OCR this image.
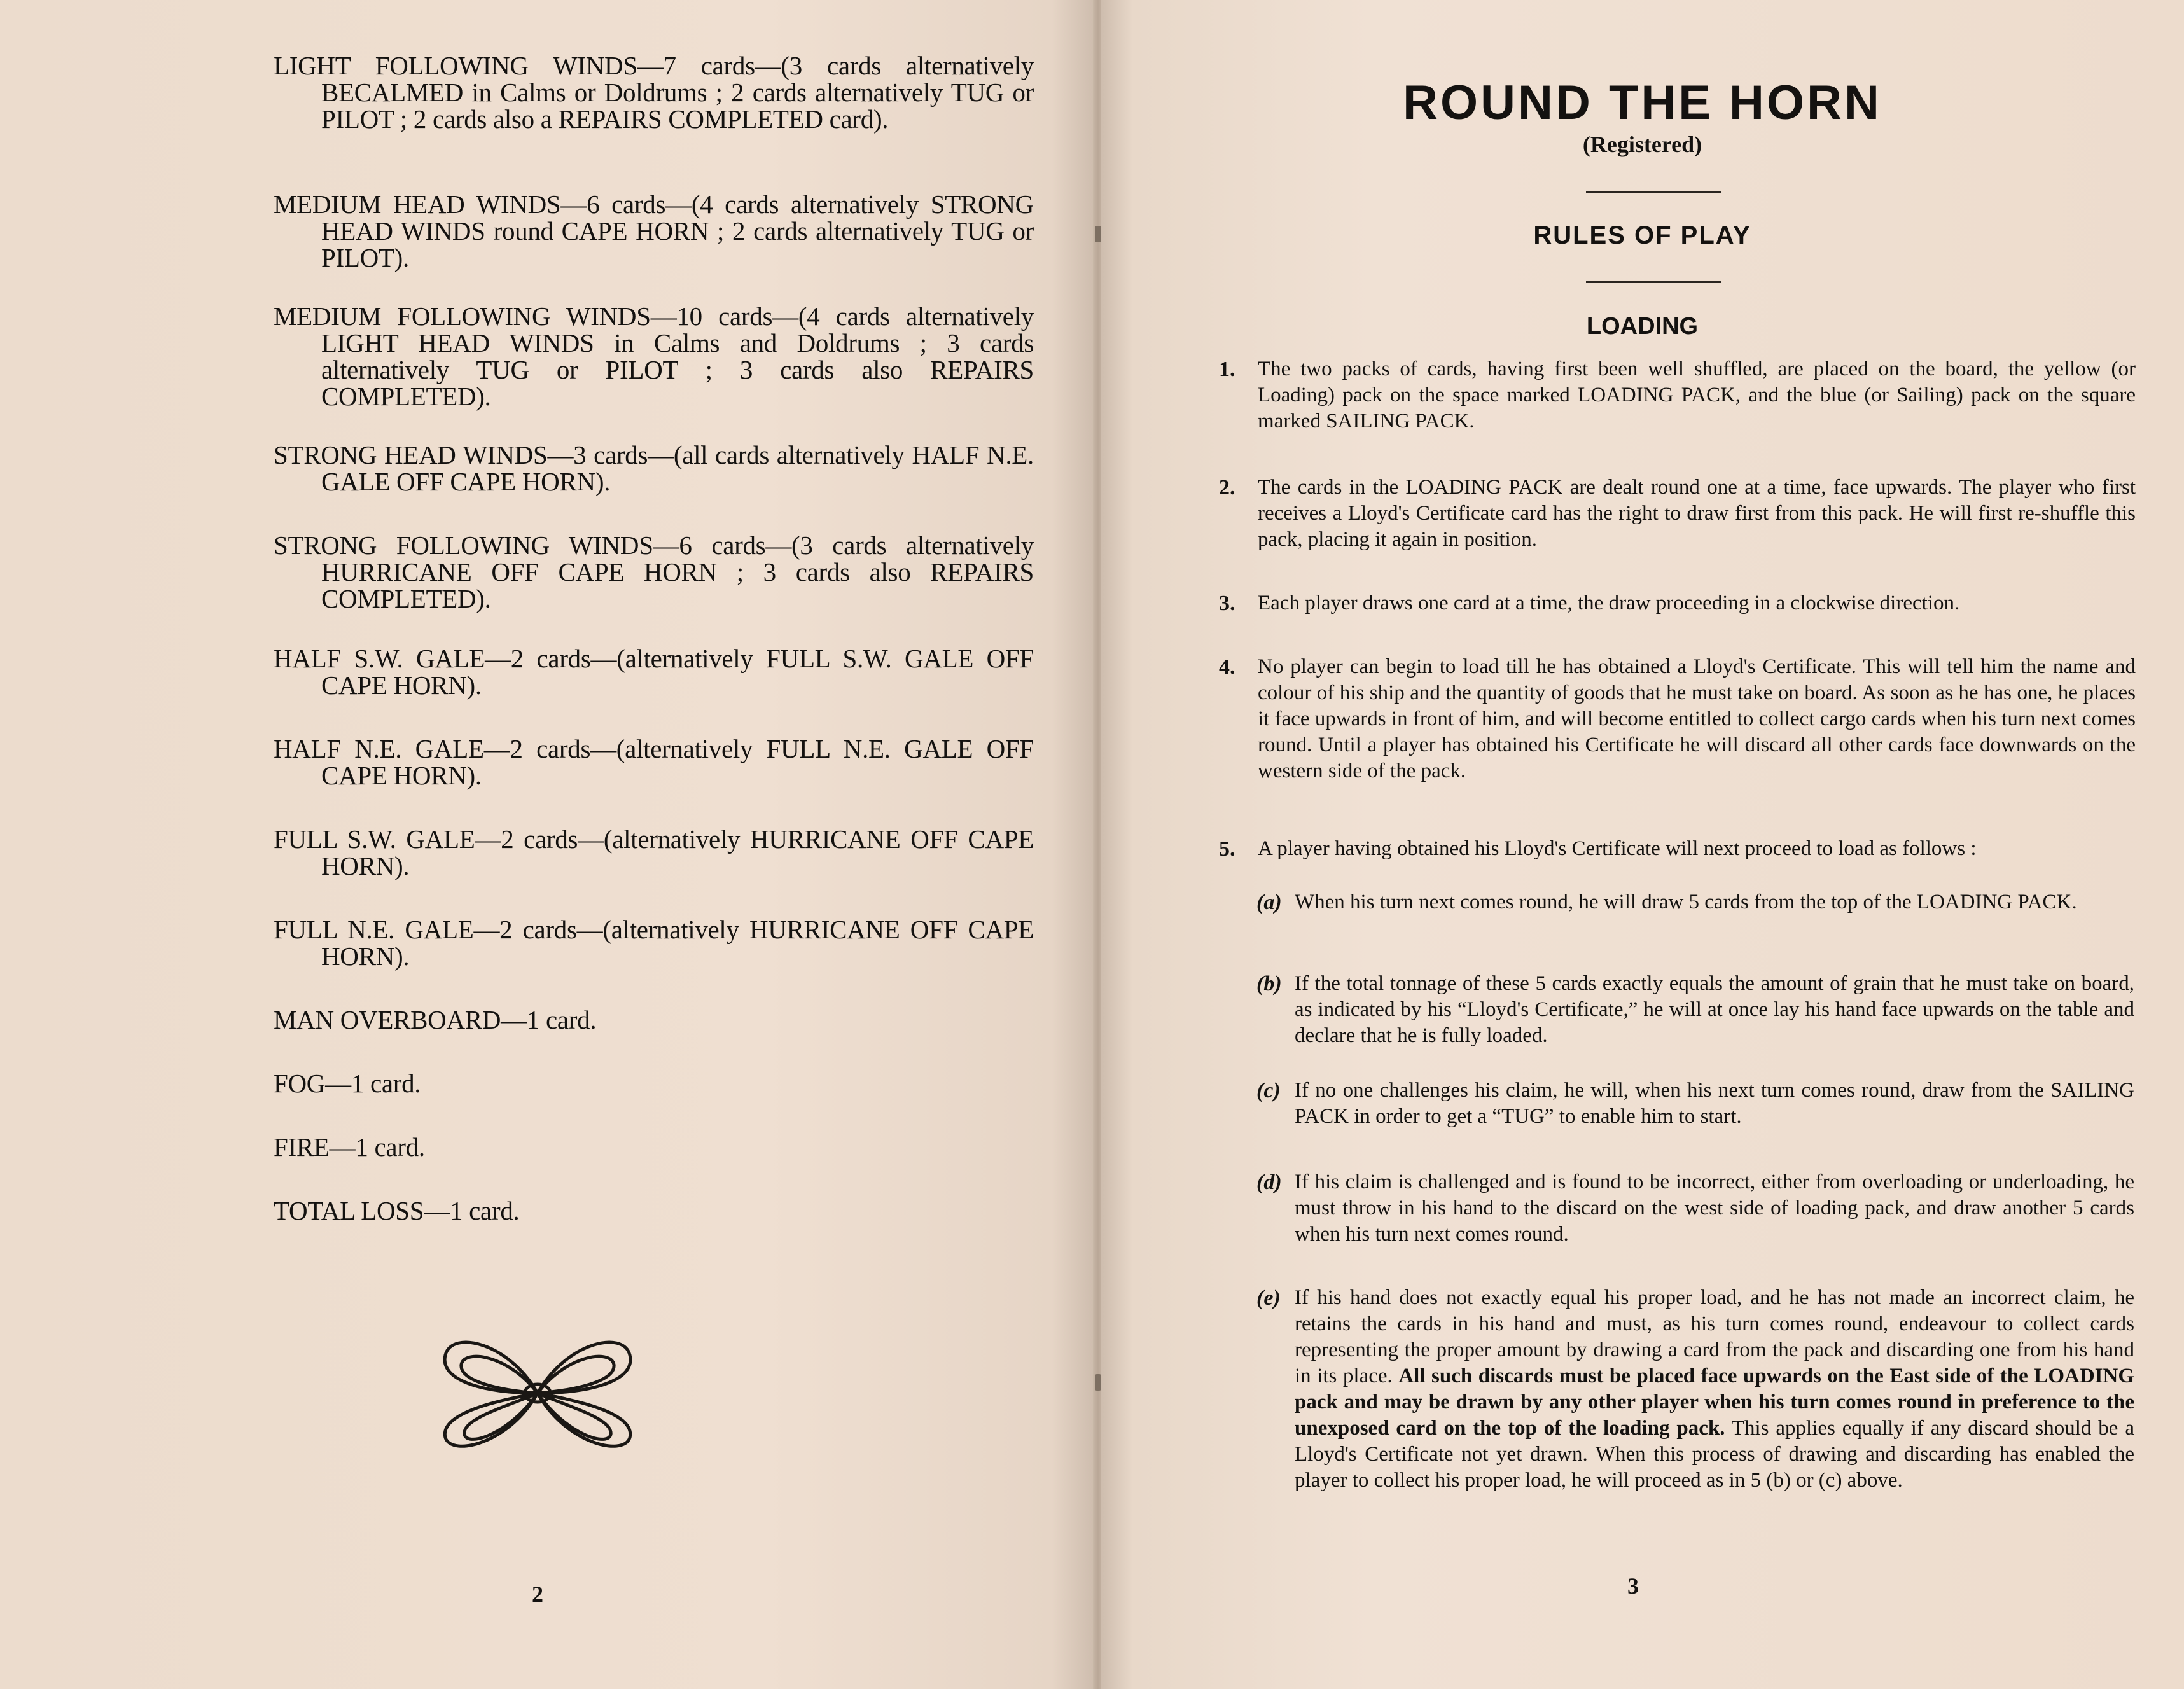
LIGHT FOLLOWING WINDS—7 cards—(3 cards alternatively BECALMED in Calms or Doldrums ; 2 cards alternatively TUG or PILOT ; 2 cards also a REPAIRS COMPLETED card).
MEDIUM HEAD WINDS—6 cards—(4 cards alternatively STRONG HEAD WINDS round CAPE HORN ; 2 cards alternatively TUG or PILOT).
MEDIUM FOLLOWING WINDS—10 cards—(4 cards alternatively LIGHT HEAD WINDS in Calms and Doldrums ; 3 cards alternatively TUG or PILOT ; 3 cards also REPAIRS COMPLETED).
STRONG HEAD WINDS—3 cards—(all cards alternatively HALF N.E. GALE OFF CAPE HORN).
STRONG FOLLOWING WINDS—6 cards—(3 cards alternatively HURRICANE OFF CAPE HORN ; 3 cards also REPAIRS COMPLETED).
HALF S.W. GALE—2 cards—(alternatively FULL S.W. GALE OFF CAPE HORN).
HALF N.E. GALE—2 cards—(alternatively FULL N.E. GALE OFF CAPE HORN).
FULL S.W. GALE—2 cards—(alternatively HURRICANE OFF CAPE HORN).
FULL N.E. GALE—2 cards—(alternatively HURRICANE OFF CAPE HORN).
MAN OVERBOARD—1 card.
FOG—1 card.
FIRE—1 card.
TOTAL LOSS—1 card.
2
ROUND THE HORN
(Registered)
RULES OF PLAY
LOADING
1. The two packs of cards, having first been well shuffled, are placed on the board, the yellow (or Loading) pack on the space marked LOADING PACK, and the blue (or Sailing) pack on the square marked SAILING PACK.
2. The cards in the LOADING PACK are dealt round one at a time, face upwards. The player who first receives a Lloyd's Certificate card has the right to draw first from this pack. He will first re-shuffle this pack, placing it again in position.
3. Each player draws one card at a time, the draw proceeding in a clockwise direction.
4. No player can begin to load till he has obtained a Lloyd's Certificate. This will tell him the name and colour of his ship and the quantity of goods that he must take on board. As soon as he has one, he places it face upwards in front of him, and will become entitled to collect cargo cards when his turn next comes round. Until a player has obtained his Certificate he will discard all other cards face downwards on the western side of the pack.
5. A player having obtained his Lloyd's Certificate will next proceed to load as follows :
(a) When his turn next comes round, he will draw 5 cards from the top of the LOADING PACK.
(b) If the total tonnage of these 5 cards exactly equals the amount of grain that he must take on board, as indicated by his “Lloyd's Certificate,” he will at once lay his hand face upwards on the table and declare that he is fully loaded.
(c) If no one challenges his claim, he will, when his next turn comes round, draw from the SAILING PACK in order to get a “TUG” to enable him to start.
(d) If his claim is challenged and is found to be incorrect, either from overloading or underloading, he must throw in his hand to the discard on the west side of loading pack, and draw another 5 cards when his turn next comes round.
(e) If his hand does not exactly equal his proper load, and he has not made an incorrect claim, he retains the cards in his hand and must, as his turn comes round, endeavour to collect cards representing the proper amount by drawing a card from the pack and discarding one from his hand in its place. All such discards must be placed face upwards on the East side of the LOADING pack and may be drawn by any other player when his turn comes round in preference to the unexposed card on the top of the loading pack. This applies equally if any discard should be a Lloyd's Certificate not yet drawn. When this process of drawing and discarding has enabled the player to collect his proper load, he will proceed as in 5 (b) or (c) above.
3
